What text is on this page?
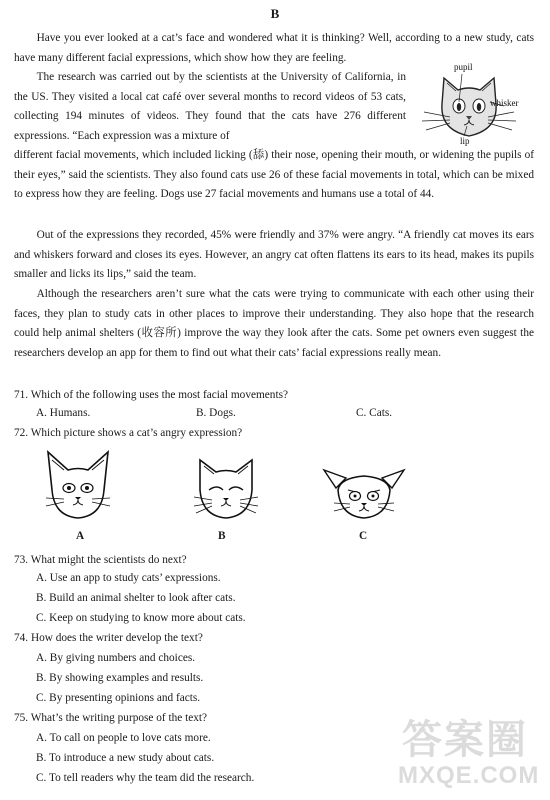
B

Have you ever looked at a cat’s face and wondered what it is thinking? Well, according to a new study, cats have many different facial expressions, which show how they are feeling.

The research was carried out by the scientists at the University of California, in the US. They visited a local cat café over several months to record videos of 53 cats, collecting 194 minutes of videos. They found that the cats have 276 different expressions. “Each expression was a mixture of

different facial movements, which included licking (舔) their nose, opening their mouth, or widening the pupils of their eyes,” said the scientists. They also found cats use 26 of these facial movements in total, which can be mixed to express how they are feeling. Dogs use 27 facial movements and humans use a total of 44.

pupil
whisker
lip

Out of the expressions they recorded, 45% were friendly and 37% were angry. “A friendly cat moves its ears and whiskers forward and closes its eyes. However, an angry cat often flattens its ears to its head, makes its pupils smaller and licks its lips,” said the team.

Although the researchers aren’t sure what the cats were trying to communicate with each other using their faces, they plan to study cats in other places to improve their understanding. They also hope that the research could help animal shelters (收容所) improve the way they look after the cats. Some pet owners even suggest the researchers develop an app for them to find out what their cats’ facial expressions really mean.

71. Which of the following uses the most facial movements?
A. Humans.	B. Dogs.	C. Cats.
72. Which picture shows a cat’s angry expression?
A	B	C
73. What might the scientists do next?
A. Use an app to study cats’ expressions.
B. Build an animal shelter to look after cats.
C. Keep on studying to know more about cats.
74. How does the writer develop the text?
A. By giving numbers and choices.
B. By showing examples and results.
C. By presenting opinions and facts.
75. What’s the writing purpose of the text?
A. To call on people to love cats more.
B. To introduce a new study about cats.
C. To tell readers why the team did the research.
答案圈
MXQE.COM
